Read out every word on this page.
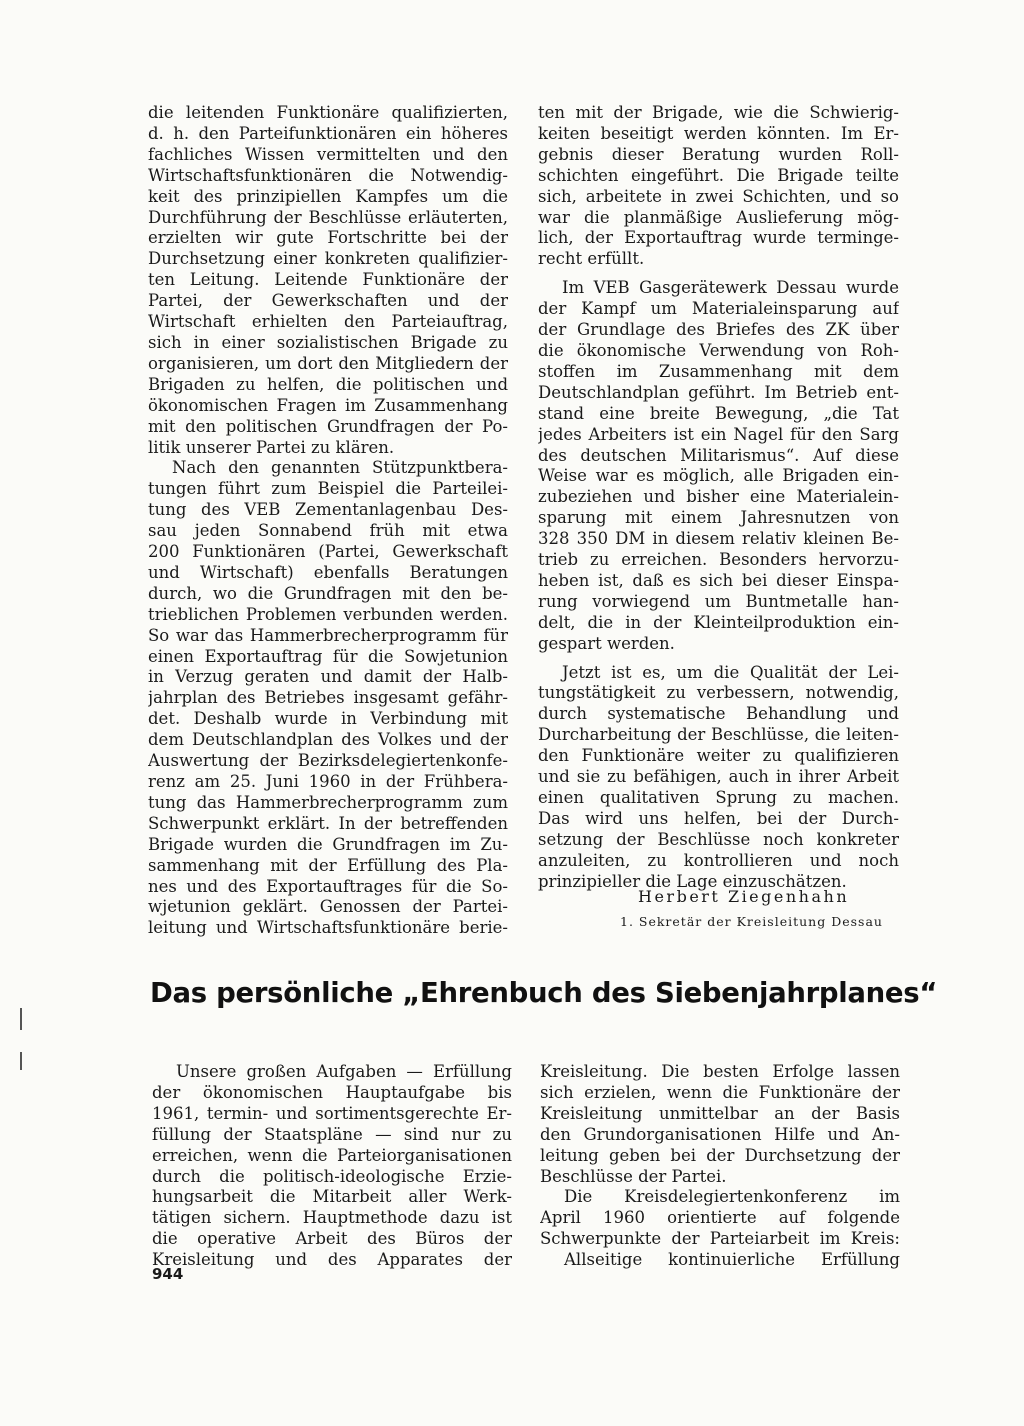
die leitenden Funktionäre qualifizierten,
d. h. den Parteifunktionären ein höheres
fachliches Wissen vermittelten und den
Wirtschaftsfunktionären die Notwendig-
keit des prinzipiellen Kampfes um die
Durchführung der Beschlüsse erläuterten,
erzielten wir gute Fortschritte bei der
Durchsetzung einer konkreten qualifizier-
ten Leitung. Leitende Funktionäre der
Partei, der Gewerkschaften und der
Wirtschaft erhielten den Parteiauftrag,
sich in einer sozialistischen Brigade zu
organisieren, um dort den Mitgliedern der
Brigaden zu helfen, die politischen und
ökonomischen Fragen im Zusammenhang
mit den politischen Grundfragen der Po-
litik unserer Partei zu klären.
Nach den genannten Stützpunktbera-
tungen führt zum Beispiel die Parteilei-
tung des VEB Zementanlagenbau Des-
sau jeden Sonnabend früh mit etwa
200 Funktionären (Partei, Gewerkschaft
und Wirtschaft) ebenfalls Beratungen
durch, wo die Grundfragen mit den be-
trieblichen Problemen verbunden werden.
So war das Hammerbrecherprogramm für
einen Exportauftrag für die Sowjetunion
in Verzug geraten und damit der Halb-
jahrplan des Betriebes insgesamt gefähr-
det. Deshalb wurde in Verbindung mit
dem Deutschlandplan des Volkes und der
Auswertung der Bezirksdelegiertenkonfe-
renz am 25. Juni 1960 in der Frühbera-
tung das Hammerbrecherprogramm zum
Schwerpunkt erklärt. In der betreffenden
Brigade wurden die Grundfragen im Zu-
sammenhang mit der Erfüllung des Pla-
nes und des Exportauftrages für die So-
wjetunion geklärt. Genossen der Partei-
leitung und Wirtschaftsfunktionäre berie-
ten mit der Brigade, wie die Schwierig-
keiten beseitigt werden könnten. Im Er-
gebnis dieser Beratung wurden Roll-
schichten eingeführt. Die Brigade teilte
sich, arbeitete in zwei Schichten, und so
war die planmäßige Auslieferung mög-
lich, der Exportauftrag wurde terminge-
recht erfüllt.
Im VEB Gasgerätewerk Dessau wurde
der Kampf um Materialeinsparung auf
der Grundlage des Briefes des ZK über
die ökonomische Verwendung von Roh-
stoffen im Zusammenhang mit dem
Deutschlandplan geführt. Im Betrieb ent-
stand eine breite Bewegung, „die Tat
jedes Arbeiters ist ein Nagel für den Sarg
des deutschen Militarismus“. Auf diese
Weise war es möglich, alle Brigaden ein-
zubeziehen und bisher eine Materialein-
sparung mit einem Jahresnutzen von
328 350 DM in diesem relativ kleinen Be-
trieb zu erreichen. Besonders hervorzu-
heben ist, daß es sich bei dieser Einspa-
rung vorwiegend um Buntmetalle han-
delt, die in der Kleinteilproduktion ein-
gespart werden.
Jetzt ist es, um die Qualität der Lei-
tungstätigkeit zu verbessern, notwendig,
durch systematische Behandlung und
Durcharbeitung der Beschlüsse, die leiten-
den Funktionäre weiter zu qualifizieren
und sie zu befähigen, auch in ihrer Arbeit
einen qualitativen Sprung zu machen.
Das wird uns helfen, bei der Durch-
setzung der Beschlüsse noch konkreter
anzuleiten, zu kontrollieren und noch
prinzipieller die Lage einzuschätzen.
Herbert Ziegenhahn
1. Sekretär der Kreisleitung Dessau
Das persönliche „Ehrenbuch des Siebenjahrplanes“
Unsere großen Aufgaben — Erfüllung
der ökonomischen Hauptaufgabe bis
1961, termin- und sortimentsgerechte Er-
füllung der Staatspläne — sind nur zu
erreichen, wenn die Parteiorganisationen
durch die politisch-ideologische Erzie-
hungsarbeit die Mitarbeit aller Werk-
tätigen sichern. Hauptmethode dazu ist
die operative Arbeit des Büros der
Kreisleitung und des Apparates der
Kreisleitung. Die besten Erfolge lassen
sich erzielen, wenn die Funktionäre der
Kreisleitung unmittelbar an der Basis
den Grundorganisationen Hilfe und An-
leitung geben bei der Durchsetzung der
Beschlüsse der Partei.
Die Kreisdelegiertenkonferenz im
April 1960 orientierte auf folgende
Schwerpunkte der Parteiarbeit im Kreis:
Allseitige kontinuierliche Erfüllung
944
